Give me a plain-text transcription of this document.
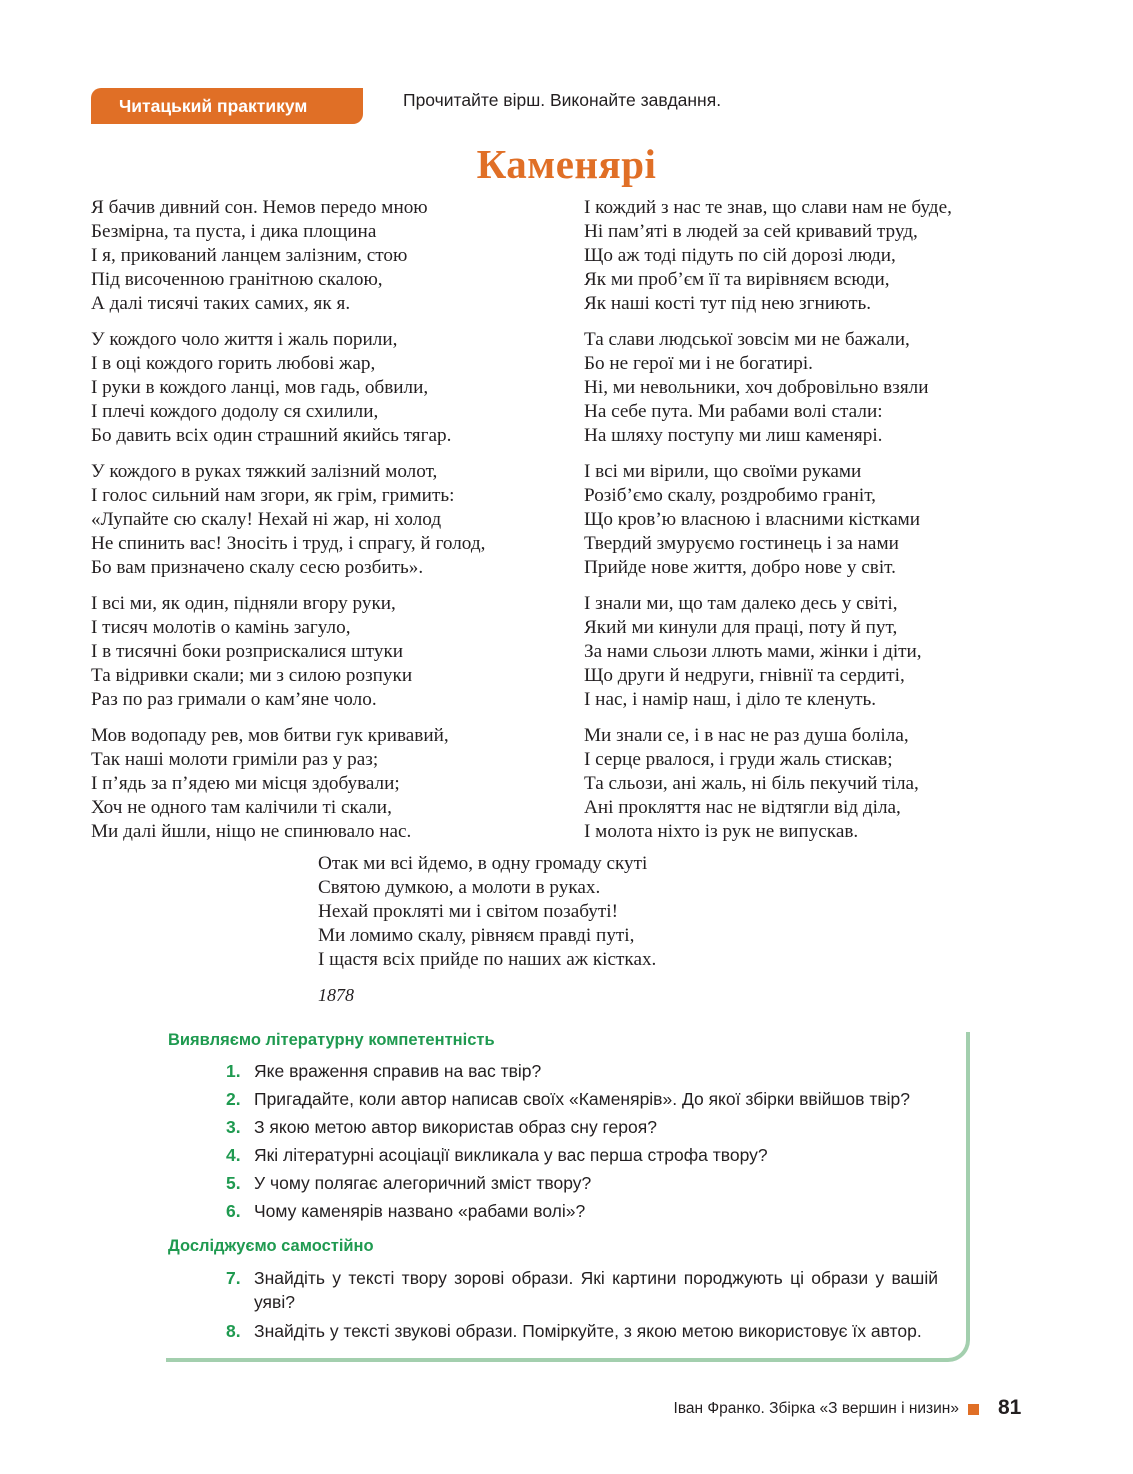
Читацький практикум	Прочитайте вірш. Виконайте завдання.
Каменярі
Я бачив дивний сон. Немов передо мною
Безмірна, та пуста, і дика площина
І я, прикований ланцем залізним, стою
Під височенною гранітною скалою,
А далі тисячі таких самих, як я.
У кождого чоло життя і жаль порили,
І в оці кождого горить любові жар,
І руки в кождого ланці, мов гадь, обвили,
І плечі кождого додолу ся схилили,
Бо давить всіх один страшний якийсь тягар.
У кождого в руках тяжкий залізний молот,
І голос сильний нам згори, як грім, гримить:
«Лупайте сю скалу! Нехай ні жар, ні холод
Не спинить вас! Зносіть і труд, і спрагу, й голод,
Бо вам призначено скалу сесю розбить».
І всі ми, як один, підняли вгору руки,
І тисяч молотів о камінь загуло,
І в тисячні боки розприскалися штуки
Та відривки скали; ми з силою розпуки
Раз по раз гримали о кам’яне чоло.
Мов водопаду рев, мов битви гук кривавий,
Так наші молоти гриміли раз у раз;
І п’ядь за п’ядею ми місця здобували;
Хоч не одного там калічили ті скали,
Ми далі йшли, ніщо не спинювало нас.
І кождий з нас те знав, що слави нам не буде,
Ні пам’яті в людей за сей кривавий труд,
Що аж тоді підуть по сій дорозі люди,
Як ми проб’єм її та вирівняєм всюди,
Як наші кості тут під нею згниють.
Та слави людської зовсім ми не бажали,
Бо не герої ми і не богатирі.
Ні, ми невольники, хоч добровільно взяли
На себе пута. Ми рабами волі стали:
На шляху поступу ми лиш каменярі.
І всі ми вірили, що своїми руками
Розіб’ємо скалу, роздробимо граніт,
Що кров’ю власною і власними кістками
Твердий змуруємо гостинець і за нами
Прийде нове життя, добро нове у світ.
І знали ми, що там далеко десь у світі,
Який ми кинули для праці, поту й пут,
За нами сльози ллють мами, жінки і діти,
Що други й недруги, гнівнії та сердиті,
І нас, і намір наш, і діло те кленуть.
Ми знали се, і в нас не раз душа боліла,
І серце рвалося, і груди жаль стискав;
Та сльози, ані жаль, ні біль пекучий тіла,
Ані прокляття нас не відтягли від діла,
І молота ніхто із рук не випускав.
Отак ми всі йдемо, в одну громаду скуті
Святою думкою, а молоти в руках.
Нехай прокляті ми і світом позабуті!
Ми ломимо скалу, рівняєм правді путі,
І щастя всіх прийде по наших аж кістках.
1878
Виявляємо літературну компетентність
1. Яке враження справив на вас твір?
2. Пригадайте, коли автор написав своїх «Каменярів». До якої збірки ввійшов твір?
3. З якою метою автор використав образ сну героя?
4. Які літературні асоціації викликала у вас перша строфа твору?
5. У чому полягає алегоричний зміст твору?
6. Чому каменярів названо «рабами волі»?
Досліджуємо самостійно
7. Знайдіть у тексті твору зорові образи. Які картини породжують ці образи у вашій уяві?
8. Знайдіть у тексті звукові образи. Поміркуйте, з якою метою використовує їх автор.
Іван Франко. Збірка «З вершин і низин» 81
